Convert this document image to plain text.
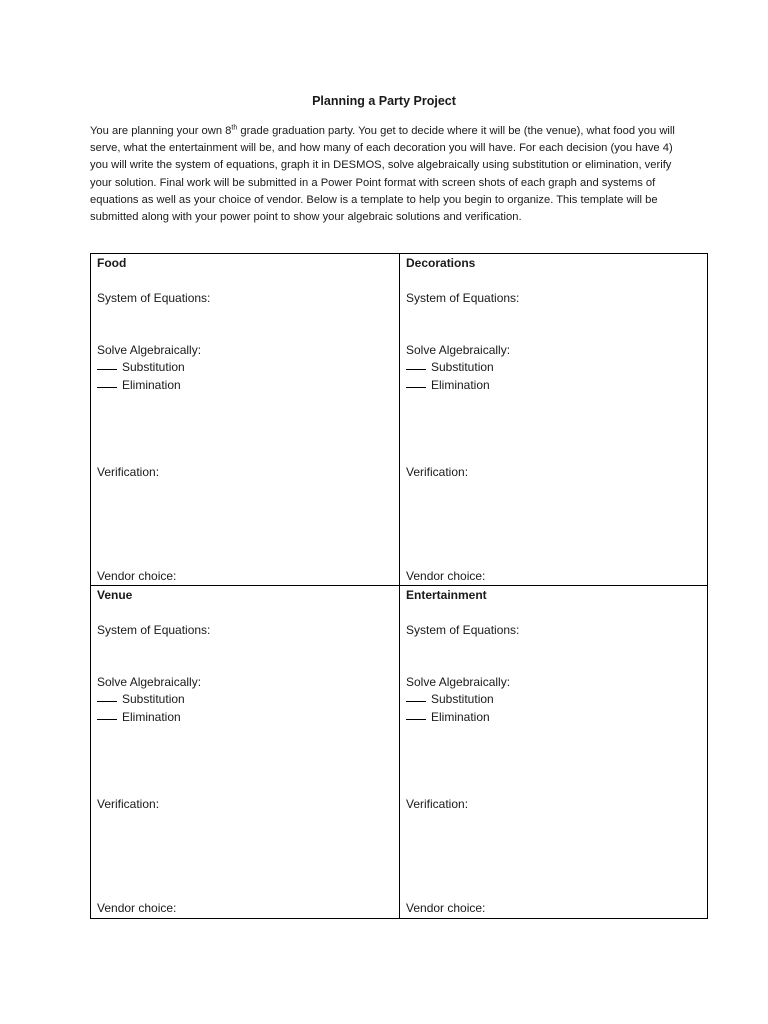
Planning a Party Project

You are planning your own 8th grade graduation party. You get to decide where it will be (the venue), what food you will serve, what the entertainment will be, and how many of each decoration you will have. For each decision (you have 4) you will write the system of equations, graph it in DESMOS, solve algebraically using substitution or elimination, verify your solution. Final work will be submitted in a Power Point format with screen shots of each graph and systems of equations as well as your choice of vendor. Below is a template to help you begin to organize. This template will be submitted along with your power point to show your algebraic solutions and verification.

Food
System of Equations:
Solve Algebraically:
Substitution
Elimination
Verification:
Vendor choice:
Decorations
System of Equations:
Solve Algebraically:
Substitution
Elimination
Verification:
Vendor choice:
Venue
System of Equations:
Solve Algebraically:
Substitution
Elimination
Verification:
Vendor choice:
Entertainment
System of Equations:
Solve Algebraically:
Substitution
Elimination
Verification:
Vendor choice:
